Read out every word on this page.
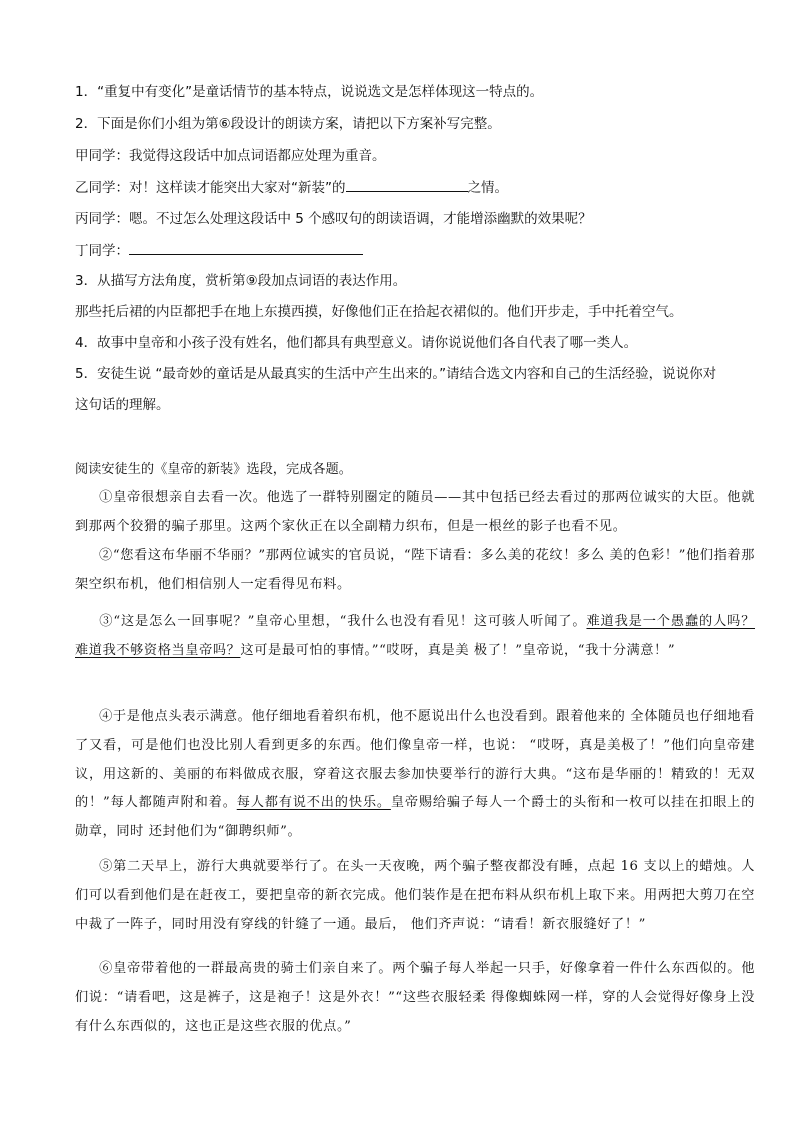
1．“重复中有变化”是童话情节的基本特点，说说选文是怎样体现这一特点的。
2．下面是你们小组为第⑥段设计的朗读方案，请把以下方案补写完整。
甲同学：我觉得这段话中加点词语都应处理为重音。
乙同学：对！这样读才能突出大家对“新装”的	之情。
丙同学：嗯。不过怎么处理这段话中 5 个感叹句的朗读语调，才能增添幽默的效果呢？
丁同学：
3．从描写方法角度，赏析第⑨段加点词语的表达作用。
那些托后裙的内臣都把手在地上东摸西摸，好像他们正在拾起衣裙似的。他们开步走，手中托着空气。
4．故事中皇帝和小孩子没有姓名，他们都具有典型意义。请你说说他们各自代表了哪一类人。
5．安徒生说 “最奇妙的童话是从最真实的生活中产生出来的。”请结合选文内容和自己的生活经验，说说你对
这句话的理解。
阅读安徒生的《皇帝的新装》选段，完成各题。
①皇帝很想亲自去看一次。他选了一群特别圈定的随员——其中包括已经去看过的那两位诚实的大臣。他就到那两个狡猾的骗子那里。这两个家伙正在以全副精力织布，但是一根丝的影子也看不见。
②“您看这布华丽不华丽？”那两位诚实的官员说，“陛下请看：多么美的花纹！多么 美的色彩！”他们指着那架空织布机，他们相信别人一定看得见布料。
③“这是怎么一回事呢？”皇帝心里想，“我什么也没有看见！这可骇人听闻了。难道我是一个愚蠢的人吗？难道我不够资格当皇帝吗？这可是最可怕的事情。”“哎呀，真是美 极了！”皇帝说，“我十分满意！”
④于是他点头表示满意。他仔细地看着织布机，他不愿说出什么也没看到。跟着他来的 全体随员也仔细地看了又看，可是他们也没比别人看到更多的东西。他们像皇帝一样，也说： “哎呀，真是美极了！”他们向皇帝建议，用这新的、美丽的布料做成衣服，穿着这衣服去参加快要举行的游行大典。“这布是华丽的！精致的！无双的！”每人都随声附和着。每人都有说不出的快乐。皇帝赐给骗子每人一个爵士的头衔和一枚可以挂在扣眼上的勋章，同时 还封他们为“御聘织师”。
⑤第二天早上，游行大典就要举行了。在头一天夜晚，两个骗子整夜都没有睡，点起 16 支以上的蜡烛。人们可以看到他们是在赶夜工，要把皇帝的新衣完成。他们装作是在把布料从织布机上取下来。用两把大剪刀在空中裁了一阵子，同时用没有穿线的针缝了一通。最后， 他们齐声说：“请看！新衣服缝好了！”
⑥皇帝带着他的一群最高贵的骑士们亲自来了。两个骗子每人举起一只手，好像拿着一件什么东西似的。他们说：“请看吧，这是裤子，这是袍子！这是外衣！”“这些衣服轻柔 得像蜘蛛网一样，穿的人会觉得好像身上没有什么东西似的，这也正是这些衣服的优点。”
